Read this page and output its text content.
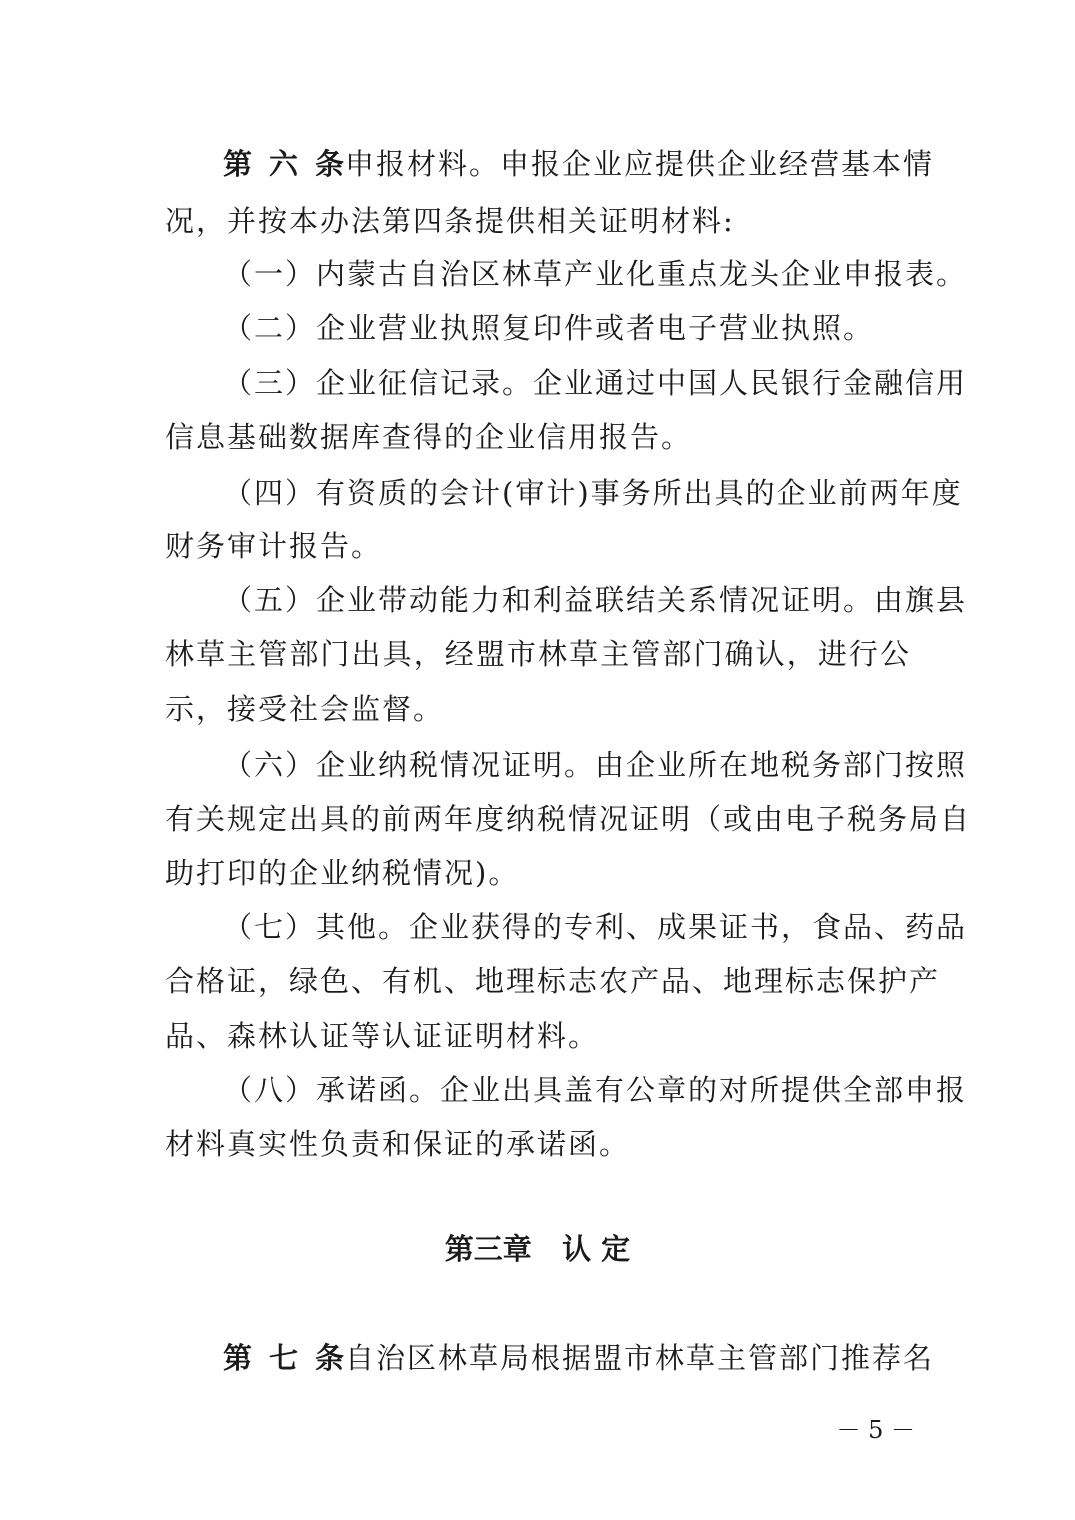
第六条申报材料。申报企业应提供企业经营基本情
况，并按本办法第四条提供相关证明材料:
（一）内蒙古自治区林草产业化重点龙头企业申报表。
（二）企业营业执照复印件或者电子营业执照。
（三）企业征信记录。企业通过中国人民银行金融信用
信息基础数据库查得的企业信用报告。
（四）有资质的会计(审计)事务所出具的企业前两年度
财务审计报告。
（五）企业带动能力和利益联结关系情况证明。由旗县
林草主管部门出具，经盟市林草主管部门确认，进行公
示，接受社会监督。
（六）企业纳税情况证明。由企业所在地税务部门按照
有关规定出具的前两年度纳税情况证明（或由电子税务局自
助打印的企业纳税情况)。
（七）其他。企业获得的专利、成果证书，食品、药品
合格证，绿色、有机、地理标志农产品、地理标志保护产
品、森林认证等认证证明材料。
（八）承诺函。企业出具盖有公章的对所提供全部申报
材料真实性负责和保证的承诺函。
第三章   认 定
第七条自治区林草局根据盟市林草主管部门推荐名
－ 5 －
